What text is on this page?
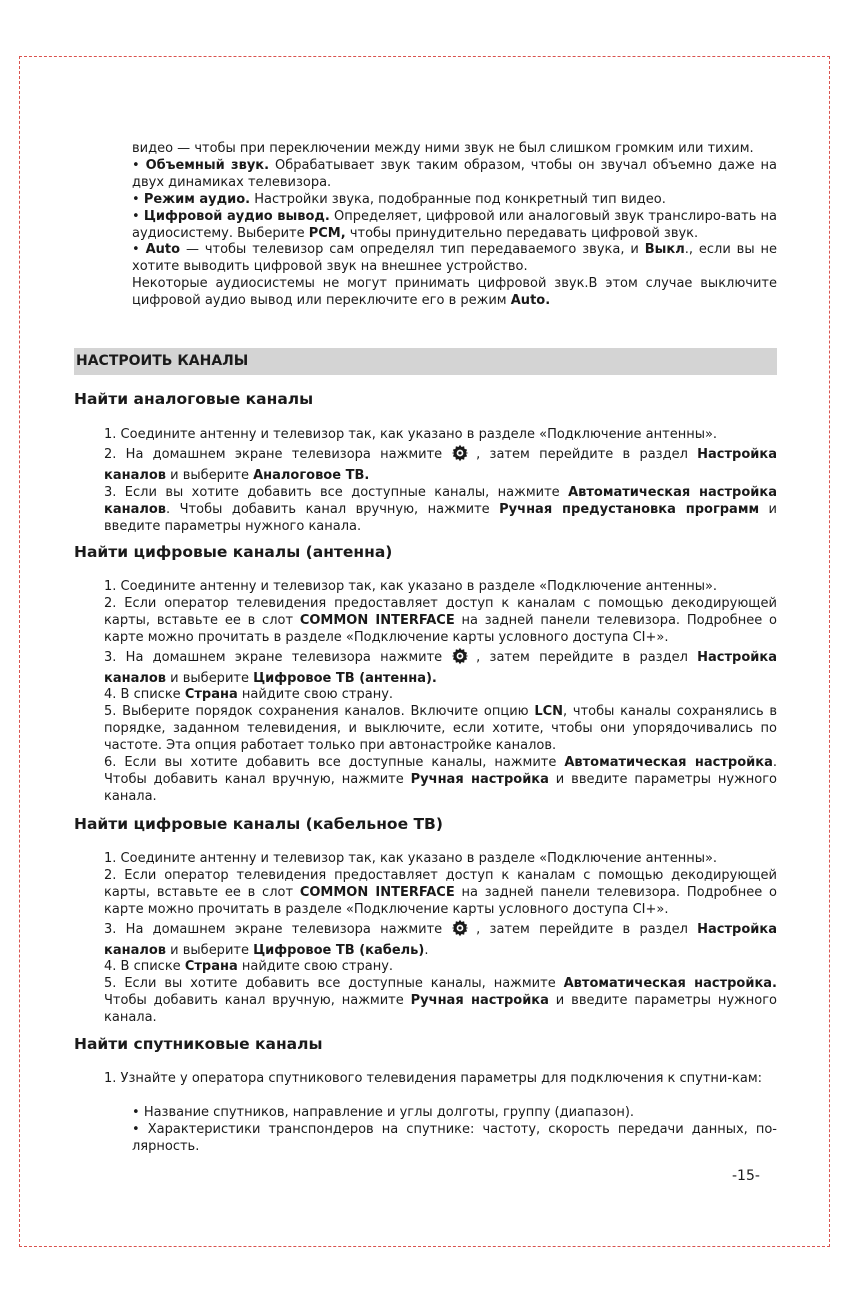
видео — чтобы при переключении между ними звук не был слишком громким или тихим.

• Объемный звук. Обрабатывает звук таким образом, чтобы он звучал объемно даже на двух динамиках телевизора.

• Режим аудио. Настройки звука, подобранные под конкретный тип видео.

• Цифровой аудио вывод. Определяет, цифровой или аналоговый звук транслиро-вать на аудиосистему. Выберите PCM, чтобы принудительно передавать цифровой звук.

• Auto — чтобы телевизор сам определял тип передаваемого звука, и Выкл., если вы не хотите выводить цифровой звук на внешнее устройство.

Некоторые аудиосистемы не могут принимать цифровой звук.В этом случае выключите цифровой аудио вывод или переключите его в режим Auto.

НАСТРОИТЬ КАНАЛЫ
Найти аналоговые каналы

1. Соедините антенну и телевизор так, как указано в разделе «Подключение антенны».

2. На домашнем экране телевизора нажмите	, затем перейдите в раздел Настройка каналов и выберите Аналоговое ТВ.

3. Если вы хотите добавить все доступные каналы, нажмите Автоматическая настройка каналов. Чтобы добавить канал вручную, нажмите Ручная предустановка программ и введите параметры нужного канала.

Найти цифровые каналы (антенна)

1. Соедините антенну и телевизор так, как указано в разделе «Подключение антенны».

2. Если оператор телевидения предоставляет доступ к каналам с помощью декодирующей карты, вставьте ее в слот COMMON INTERFACE на задней панели телевизора. Подробнее о карте можно прочитать в разделе «Подключение карты условного доступа CI+».

3. На домашнем экране телевизора нажмите	, затем перейдите в раздел Настройка каналов и выберите Цифровое ТВ (антенна).

4. В списке Страна найдите свою страну.

5. Выберите порядок сохранения каналов. Включите опцию LCN, чтобы каналы сохранялись в порядке, заданном телевидения, и выключите, если хотите, чтобы они упорядочивались по частоте. Эта опция работает только при автонастройке каналов.

6. Если вы хотите добавить все доступные каналы, нажмите Автоматическая настройка. Чтобы добавить канал вручную, нажмите Ручная настройка и введите параметры нужного канала.

Найти цифровые каналы (кабельное ТВ)

1. Соедините антенну и телевизор так, как указано в разделе «Подключение антенны».

2. Если оператор телевидения предоставляет доступ к каналам с помощью декодирующей карты, вставьте ее в слот COMMON INTERFACE на задней панели телевизора. Подробнее о карте можно прочитать в разделе «Подключение карты условного доступа CI+».

3. На домашнем экране телевизора нажмите	, затем перейдите в раздел Настройка каналов и выберите Цифровое ТВ (кабель).

4. В списке Страна найдите свою страну.

5. Если вы хотите добавить все доступные каналы, нажмите Автоматическая настройка. Чтобы добавить канал вручную, нажмите Ручная настройка и введите параметры нужного канала.

Найти спутниковые каналы

1. Узнайте у оператора спутникового телевидения параметры для подключения к спутни-кам:

• Название спутников, направление и углы долготы, группу (диапазон).

• Характеристики транспондеров на спутнике: частоту, скорость передачи данных, по-лярность.

-15-
